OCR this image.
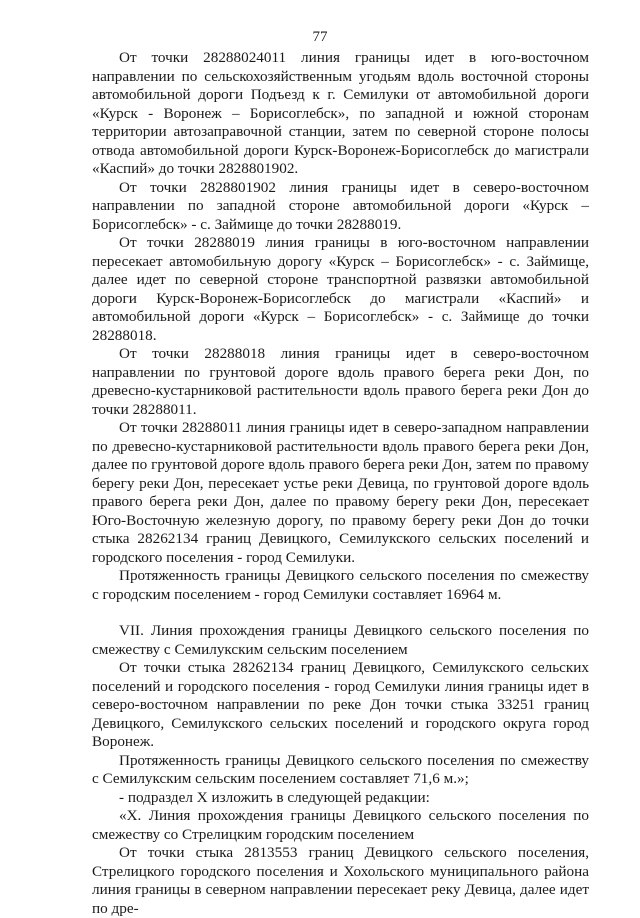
77

От точки 28288024011 линия границы идет в юго-восточном направлении по сельскохозяйственным угодьям вдоль восточной стороны автомобильной дороги Подъезд к г. Семилуки от автомобильной дороги «Курск - Воронеж – Борисоглебск», по западной и южной сторонам территории автозаправочной станции, затем по северной стороне полосы отвода автомобильной дороги Курск-Воронеж-Борисоглебск до магистрали «Каспий» до точки 2828801902.

От точки 2828801902 линия границы идет в северо-восточном направлении по западной стороне автомобильной дороги «Курск – Борисоглебск» - с. Займище до точки 28288019.

От точки 28288019 линия границы в юго-восточном направлении пересекает автомобильную дорогу «Курск – Борисоглебск» - с. Займище, далее идет по северной стороне транспортной развязки автомобильной дороги Курск-Воронеж-Борисоглебск до магистрали «Каспий» и автомобильной дороги «Курск – Борисоглебск» - с. Займище до точки 28288018.

От точки 28288018 линия границы идет в северо-восточном направлении по грунтовой дороге вдоль правого берега реки Дон, по древесно-кустарниковой растительности вдоль правого берега реки Дон до точки 28288011.

От точки 28288011 линия границы идет в северо-западном направлении по древесно-кустарниковой растительности вдоль правого берега реки Дон, далее по грунтовой дороге вдоль правого берега реки Дон, затем по правому берегу реки Дон, пересекает устье реки Девица, по грунтовой дороге вдоль правого берега реки Дон, далее по правому берегу реки Дон, пересекает Юго-Восточную железную дорогу, по правому берегу реки Дон до точки стыка 28262134 границ Девицкого, Семилукского сельских поселений и городского поселения - город Семилуки.

Протяженность границы Девицкого сельского поселения по смежеству с городским поселением - город Семилуки составляет 16964 м.

VII. Линия прохождения границы Девицкого сельского поселения по смежеству с Семилукским сельским поселением

От точки стыка 28262134 границ Девицкого, Семилукского сельских поселений и городского поселения - город Семилуки линия границы идет в северо-восточном направлении по реке Дон точки стыка 33251 границ Девицкого, Семилукского сельских поселений и городского округа город Воронеж.

Протяженность границы Девицкого сельского поселения по смежеству с Семилукским сельским поселением составляет 71,6 м.»;

- подраздел X изложить в следующей редакции:

«X. Линия прохождения границы Девицкого сельского поселения по смежеству со Стрелицким городским поселением

От точки стыка 2813553 границ Девицкого сельского поселения, Стрелицкого городского поселения и Хохольского муниципального района линия границы в северном направлении пересекает реку Девица, далее идет по дре-
